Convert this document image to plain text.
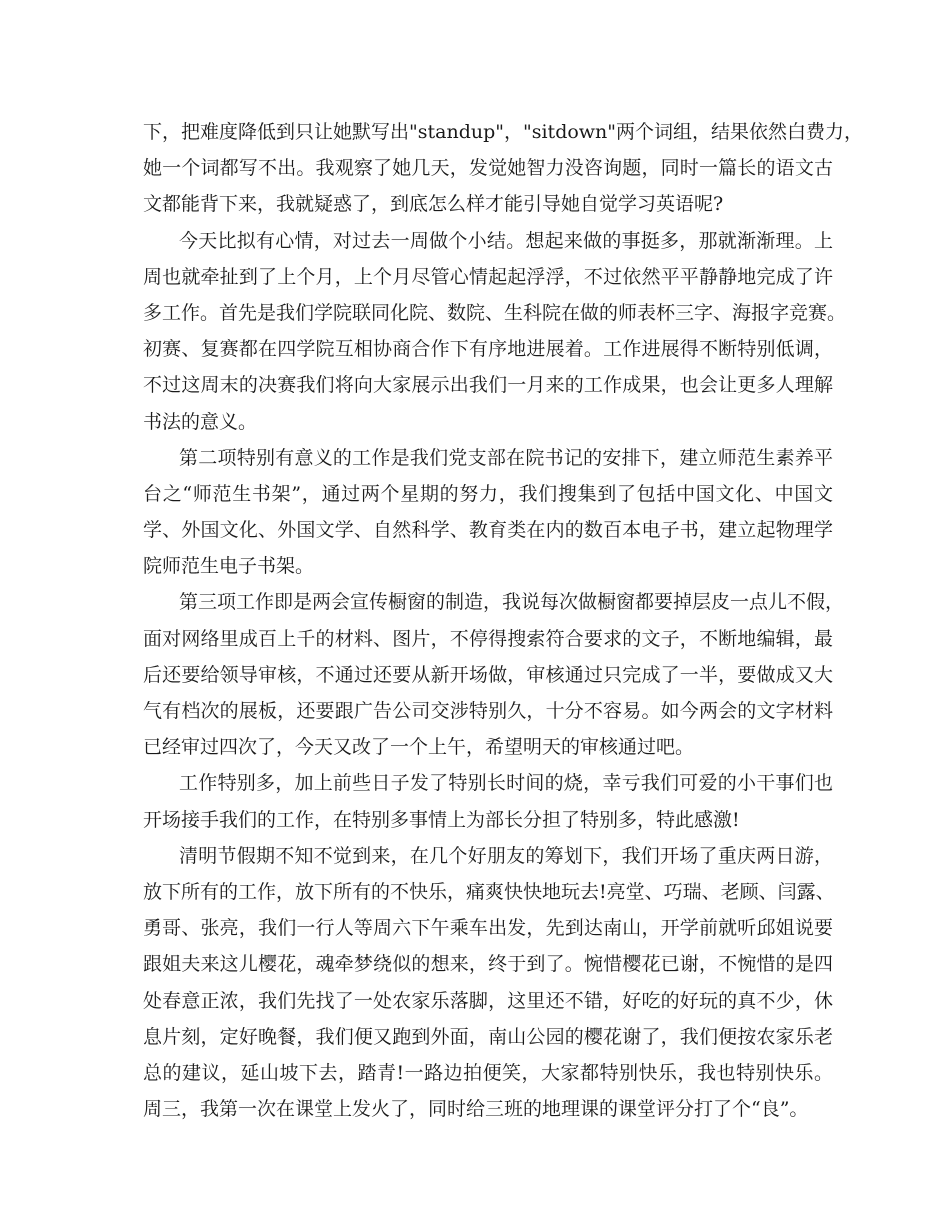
下，把难度降低到只让她默写出"standup"，"sitdown"两个词组，结果依然白费力，
她一个词都写不出。我观察了她几天，发觉她智力没咨询题，同时一篇长的语文古
文都能背下来，我就疑惑了，到底怎么样才能引导她自觉学习英语呢?
今天比拟有心情，对过去一周做个小结。想起来做的事挺多，那就渐渐理。上
周也就牵扯到了上个月，上个月尽管心情起起浮浮，不过依然平平静静地完成了许
多工作。首先是我们学院联同化院、数院、生科院在做的师表杯三字、海报字竞赛。
初赛、复赛都在四学院互相协商合作下有序地进展着。工作进展得不断特别低调，
不过这周末的决赛我们将向大家展示出我们一月来的工作成果，也会让更多人理解
书法的意义。
第二项特别有意义的工作是我们党支部在院书记的安排下，建立师范生素养平
台之“师范生书架”，通过两个星期的努力，我们搜集到了包括中国文化、中国文
学、外国文化、外国文学、自然科学、教育类在内的数百本电子书，建立起物理学
院师范生电子书架。
第三项工作即是两会宣传橱窗的制造，我说每次做橱窗都要掉层皮一点儿不假，
面对网络里成百上千的材料、图片，不停得搜索符合要求的文子，不断地编辑，最
后还要给领导审核，不通过还要从新开场做，审核通过只完成了一半，要做成又大
气有档次的展板，还要跟广告公司交涉特别久，十分不容易。如今两会的文字材料
已经审过四次了，今天又改了一个上午，希望明天的审核通过吧。
工作特别多，加上前些日子发了特别长时间的烧，幸亏我们可爱的小干事们也
开场接手我们的工作，在特别多事情上为部长分担了特别多，特此感激!
清明节假期不知不觉到来，在几个好朋友的筹划下，我们开场了重庆两日游，
放下所有的工作，放下所有的不快乐，痛爽快快地玩去!亮堂、巧瑞、老顾、闫露、
勇哥、张亮，我们一行人等周六下午乘车出发，先到达南山，开学前就听邱姐说要
跟姐夫来这儿樱花，魂牵梦绕似的想来，终于到了。惋惜樱花已谢，不惋惜的是四
处春意正浓，我们先找了一处农家乐落脚，这里还不错，好吃的好玩的真不少，休
息片刻，定好晚餐，我们便又跑到外面，南山公园的樱花谢了，我们便按农家乐老
总的建议，延山坡下去，踏青!一路边拍便笑，大家都特别快乐，我也特别快乐。
周三，我第一次在课堂上发火了，同时给三班的地理课的课堂评分打了个“良”。
